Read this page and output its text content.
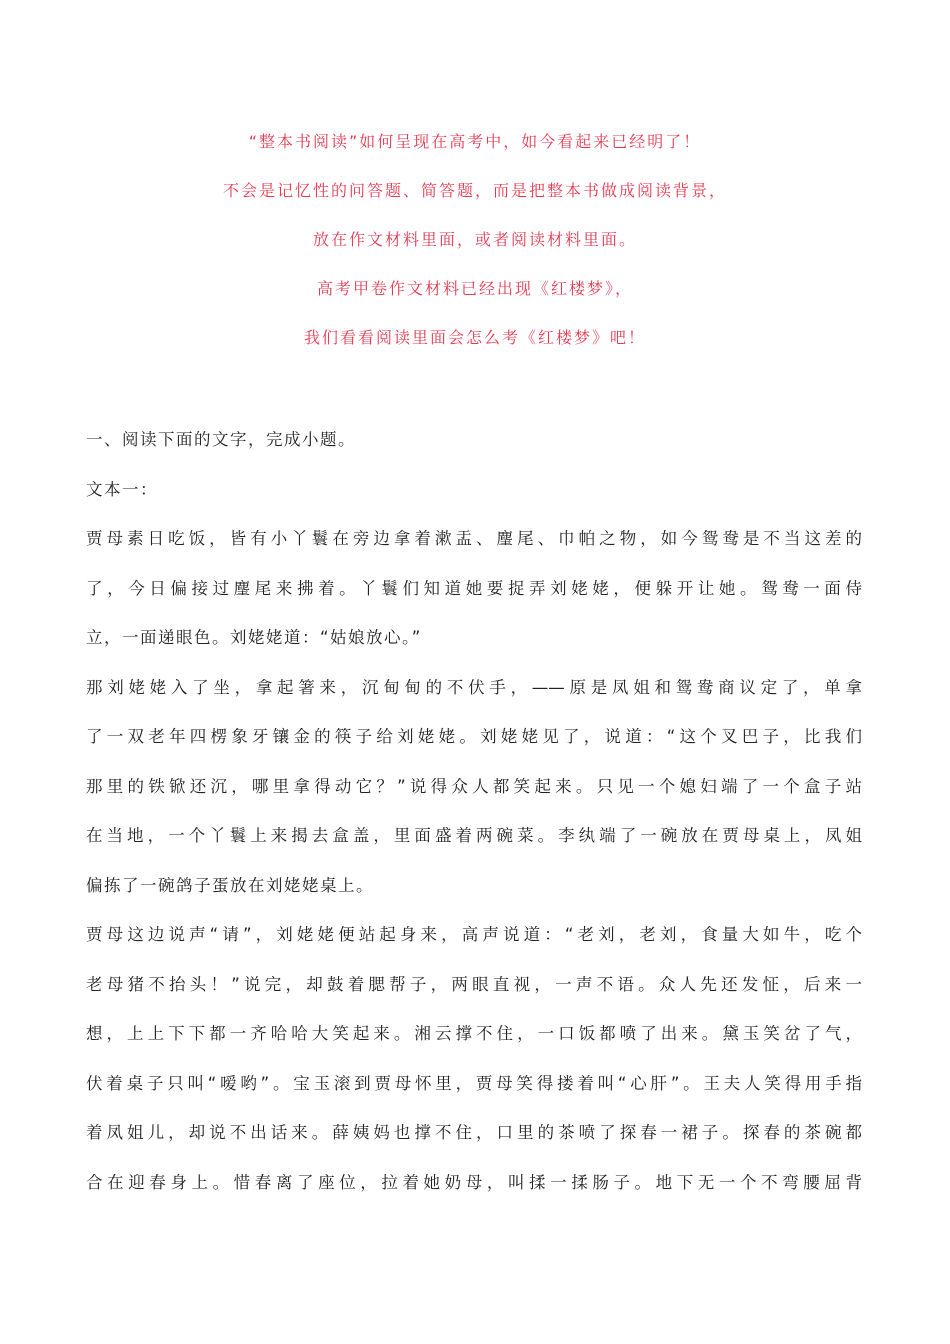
“整本书阅读”如何呈现在高考中，如今看起来已经明了！
不会是记忆性的问答题、简答题，而是把整本书做成阅读背景，
放在作文材料里面，或者阅读材料里面。
高考甲卷作文材料已经出现《红楼梦》，
我们看看阅读里面会怎么考《红楼梦》吧！
一、阅读下面的文字，完成小题。
文本一：
贾母素日吃饭，皆有小丫鬟在旁边拿着漱盂、麈尾、巾帕之物，如今鸳鸯是不当这差的
了，今日偏接过麈尾来拂着。丫鬟们知道她要捉弄刘姥姥，便躲开让她。鸳鸯一面侍
立，一面递眼色。刘姥姥道：“姑娘放心。”
那刘姥姥入了坐，拿起箸来，沉甸甸的不伏手，——原是凤姐和鸳鸯商议定了，单拿
了一双老年四楞象牙镶金的筷子给刘姥姥。刘姥姥见了，说道：“这个叉巴子，比我们
那里的铁锨还沉，哪里拿得动它？”说得众人都笑起来。只见一个媳妇端了一个盒子站
在当地，一个丫鬟上来揭去盒盖，里面盛着两碗菜。李纨端了一碗放在贾母桌上，凤姐
偏拣了一碗鸽子蛋放在刘姥姥桌上。
贾母这边说声“请”，刘姥姥便站起身来，高声说道：“老刘，老刘，食量大如牛，吃个
老母猪不抬头！”说完，却鼓着腮帮子，两眼直视，一声不语。众人先还发怔，后来一
想，上上下下都一齐哈哈大笑起来。湘云撑不住，一口饭都喷了出来。黛玉笑岔了气，
伏着桌子只叫“嗳哟”。宝玉滚到贾母怀里，贾母笑得搂着叫“心肝”。王夫人笑得用手指
着凤姐儿，却说不出话来。薛姨妈也撑不住，口里的茶喷了探春一裙子。探春的茶碗都
合在迎春身上。惜春离了座位，拉着她奶母，叫揉一揉肠子。地下无一个不弯腰屈背
